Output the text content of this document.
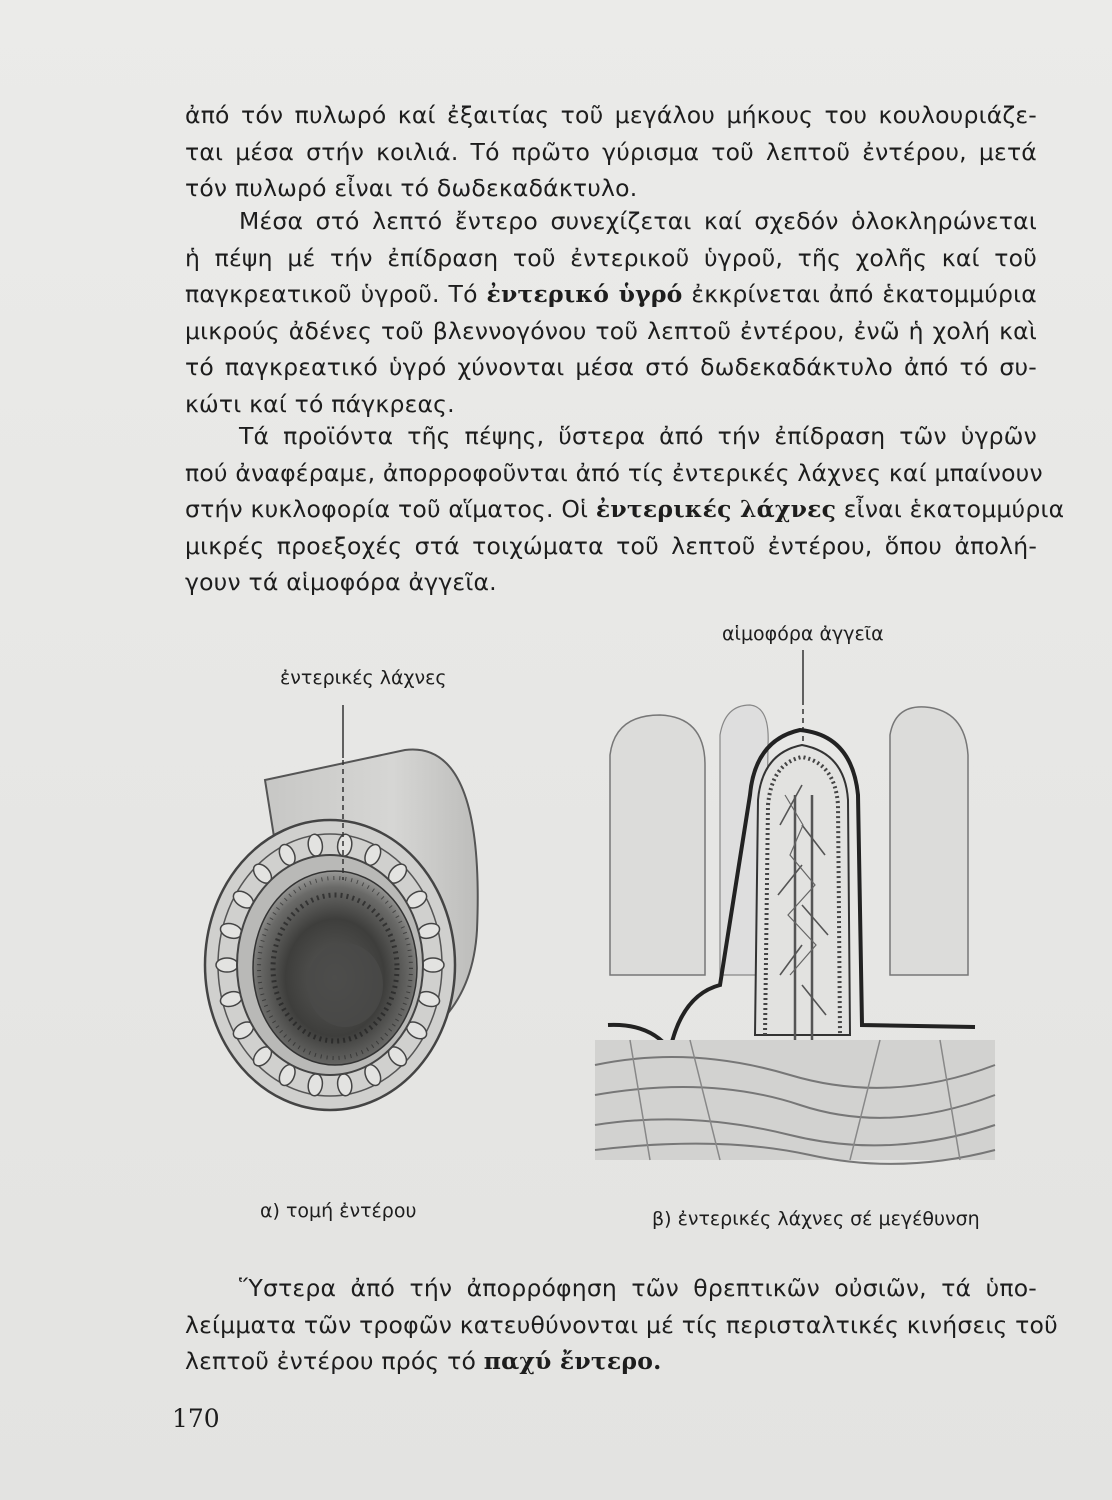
ἀπό τόν πυλωρό καί ἐξαιτίας τοῦ μεγάλου μήκους του κουλουριάζε-
ται μέσα στήν κοιλιά. Τό πρῶτο γύρισμα τοῦ λεπτοῦ ἐντέρου, μετά
τόν πυλωρό εἶναι τό δωδεκαδάκτυλο.
Μέσα στό λεπτό ἔντερο συνεχίζεται καί σχεδόν ὁλοκληρώνεται
ἡ πέψη μέ τήν ἐπίδραση τοῦ ἐντερικοῦ ὑγροῦ, τῆς χολῆς καί τοῦ
παγκρεατικοῦ ὑγροῦ. Τό ἐντερικό ὑγρό ἐκκρίνεται ἀπό ἑκατομμύρια
μικρούς ἀδένες τοῦ βλεννογόνου τοῦ λεπτοῦ ἐντέρου, ἐνῶ ἡ χολή καὶ
τό παγκρεατικό ὑγρό χύνονται μέσα στό δωδεκαδάκτυλο ἀπό τό συ-
κώτι καί τό πάγκρεας.
Τά προϊόντα τῆς πέψης, ὕστερα ἀπό τήν ἐπίδραση τῶν ὑγρῶν
πού ἀναφέραμε, ἀπορροφοῦνται ἀπό τίς ἐντερικές λάχνες καί μπαίνουν
στήν κυκλοφορία τοῦ αἵματος. Οἱ ἐντερικές λάχνες εἶναι ἑκατομμύρια
μικρές προεξοχές στά τοιχώματα τοῦ λεπτοῦ ἐντέρου, ὅπου ἀπολή-
γουν τά αἱμοφόρα ἀγγεῖα.
αἱμοφόρα ἀγγεῖα
ἐντερικές λάχνες
α) τομή ἐντέρου	β) ἐντερικές λάχνες σέ μεγέθυνση
Ὕστερα ἀπό τήν ἀπορρόφηση τῶν θρεπτικῶν οὐσιῶν, τά ὑπο-
λείμματα τῶν τροφῶν κατευθύνονται μέ τίς περισταλτικές κινήσεις τοῦ
λεπτοῦ ἐντέρου πρός τό παχύ ἔντερο.
170
